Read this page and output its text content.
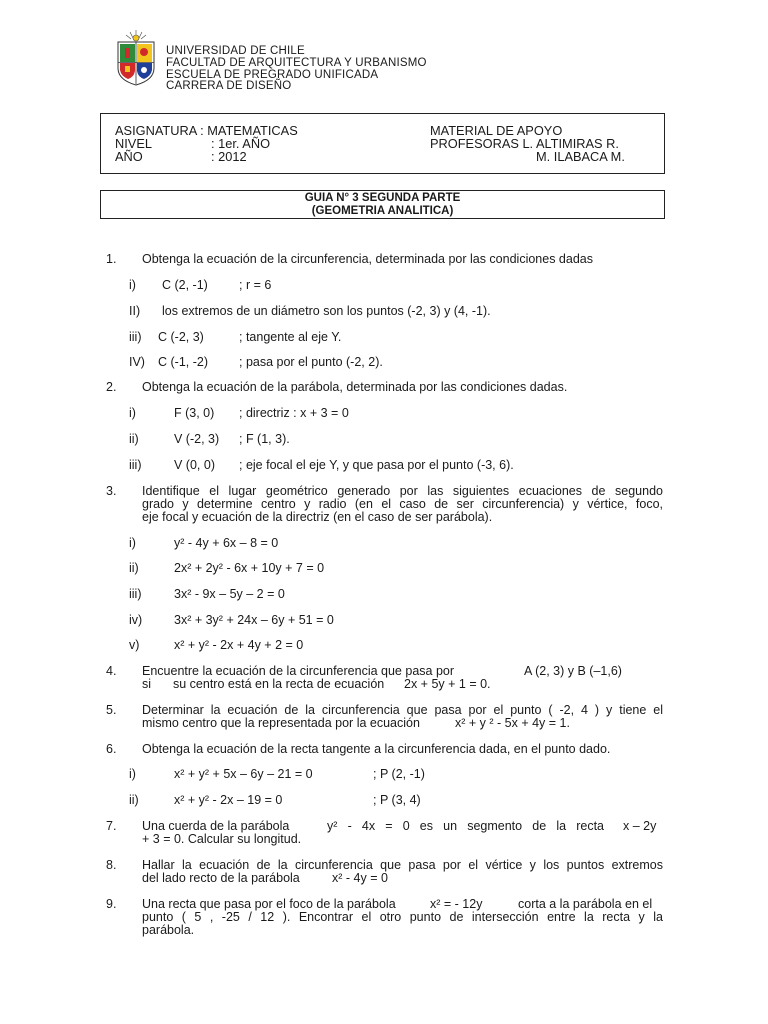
UNIVERSIDAD DE CHILE
FACULTAD DE ARQUITECTURA Y URBANISMO
ESCUELA DE PREGRADO UNIFICADA
CARRERA DE DISEÑO
ASIGNATURA : MATEMATICAS
NIVEL	: 1er. AÑO
AÑO	: 2012
MATERIAL DE APOYO
PROFESORAS L. ALTIMIRAS R.
M. ILABACA M.
GUIA N° 3 SEGUNDA PARTE
(GEOMETRIA ANALITICA)
1. Obtenga la ecuación de la circunferencia, determinada por las condiciones dadas
i) C (2, -1) ; r = 6
II) los extremos de un diámetro son los puntos (-2, 3) y (4, -1).
iii) C (-2, 3)	; tangente al eje Y.
IV) C (-1, -2) ; pasa por el punto (-2, 2).
2. Obtenga la ecuación de la parábola, determinada por las condiciones dadas.
i)	F (3, 0) ; directriz : x + 3 = 0
ii)	V (-2, 3) ; F (1, 3).
iii)	V (0, 0) ; eje focal el eje Y, y que pasa por el punto (-3, 6).
3. Identifique el lugar geométrico generado por las siguientes ecuaciones de segundo
grado y determine centro y radio (en el caso de ser circunferencia) y vértice, foco,
eje focal y ecuación de la directriz (en el caso de ser parábola).
i)	y² - 4y + 6x – 8 = 0
ii)	2x² + 2y² - 6x + 10y + 7 = 0
iii)	3x² - 9x – 5y – 2 = 0
iv)	3x² + 3y² + 24x – 6y + 51 = 0
v)	x² + y² - 2x + 4y + 2 = 0
4. Encuentre la ecuación de la circunferencia que pasa por	A (2, 3) y B (–1,6)
si su centro está en la recta de ecuación 2x + 5y + 1 = 0.
5. Determinar la ecuación de la circunferencia que pasa por el punto ( -2, 4 ) y tiene el
mismo centro que la representada por la ecuación	x² + y ² - 5x + 4y = 1.
6. Obtenga la ecuación de la recta tangente a la circunferencia dada, en el punto dado.
i)	x² + y² + 5x – 6y – 21 = 0	; P (2, -1)
ii)	x² + y² - 2x – 19 = 0	; P (3, 4)
7. Una cuerda de la parábola	y² - 4x = 0 es un segmento de la recta x – 2y
+ 3 = 0. Calcular su longitud.
8. Hallar la ecuación de la circunferencia que pasa por el vértice y los puntos extremos
del lado recto de la parábola	x² - 4y = 0
9. Una recta que pasa por el foco de la parábola	x² = - 12y	corta a la parábola en el
punto ( 5 , -25 / 12 ). Encontrar el otro punto de intersección entre la recta y la
parábola.
